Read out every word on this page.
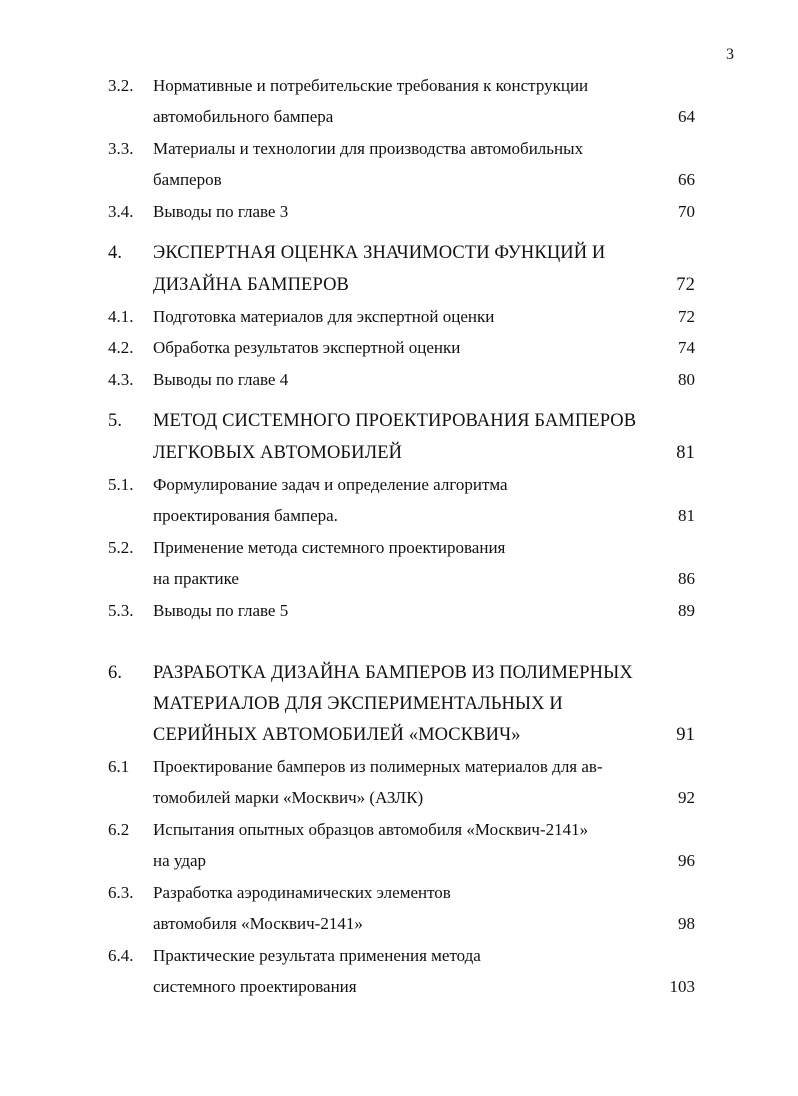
3
3.2. Нормативные и потребительские требования к конструкции
автомобильного бампера	64
3.3. Материалы и технологии для производства автомобильных
бамперов	66
3.4. Выводы по главе 3	70
4. ЭКСПЕРТНАЯ ОЦЕНКА ЗНАЧИМОСТИ ФУНКЦИЙ И
ДИЗАЙНА БАМПЕРОВ	72
4.1. Подготовка материалов для экспертной оценки	72
4.2. Обработка результатов экспертной оценки	74
4.3. Выводы по главе 4	80
5. МЕТОД СИСТЕМНОГО ПРОЕКТИРОВАНИЯ БАМПЕРОВ
ЛЕГКОВЫХ АВТОМОБИЛЕЙ	81
5.1. Формулирование задач и определение алгоритма
проектирования бампера.	81
5.2. Применение метода системного проектирования
на практике	86
5.3. Выводы по главе 5	89
6. РАЗРАБОТКА ДИЗАЙНА БАМПЕРОВ ИЗ ПОЛИМЕРНЫХ
МАТЕРИАЛОВ ДЛЯ ЭКСПЕРИМЕНТАЛЬНЫХ И
СЕРИЙНЫХ АВТОМОБИЛЕЙ «МОСКВИЧ»	91
6.1 Проектирование бамперов из полимерных материалов для ав-
томобилей марки «Москвич» (АЗЛК)	92
6.2 Испытания опытных образцов автомобиля «Москвич-2141»
на удар	96
6.3. Разработка аэродинамических элементов
автомобиля «Москвич-2141»	98
6.4. Практические результата применения метода
системного проектирования	103
